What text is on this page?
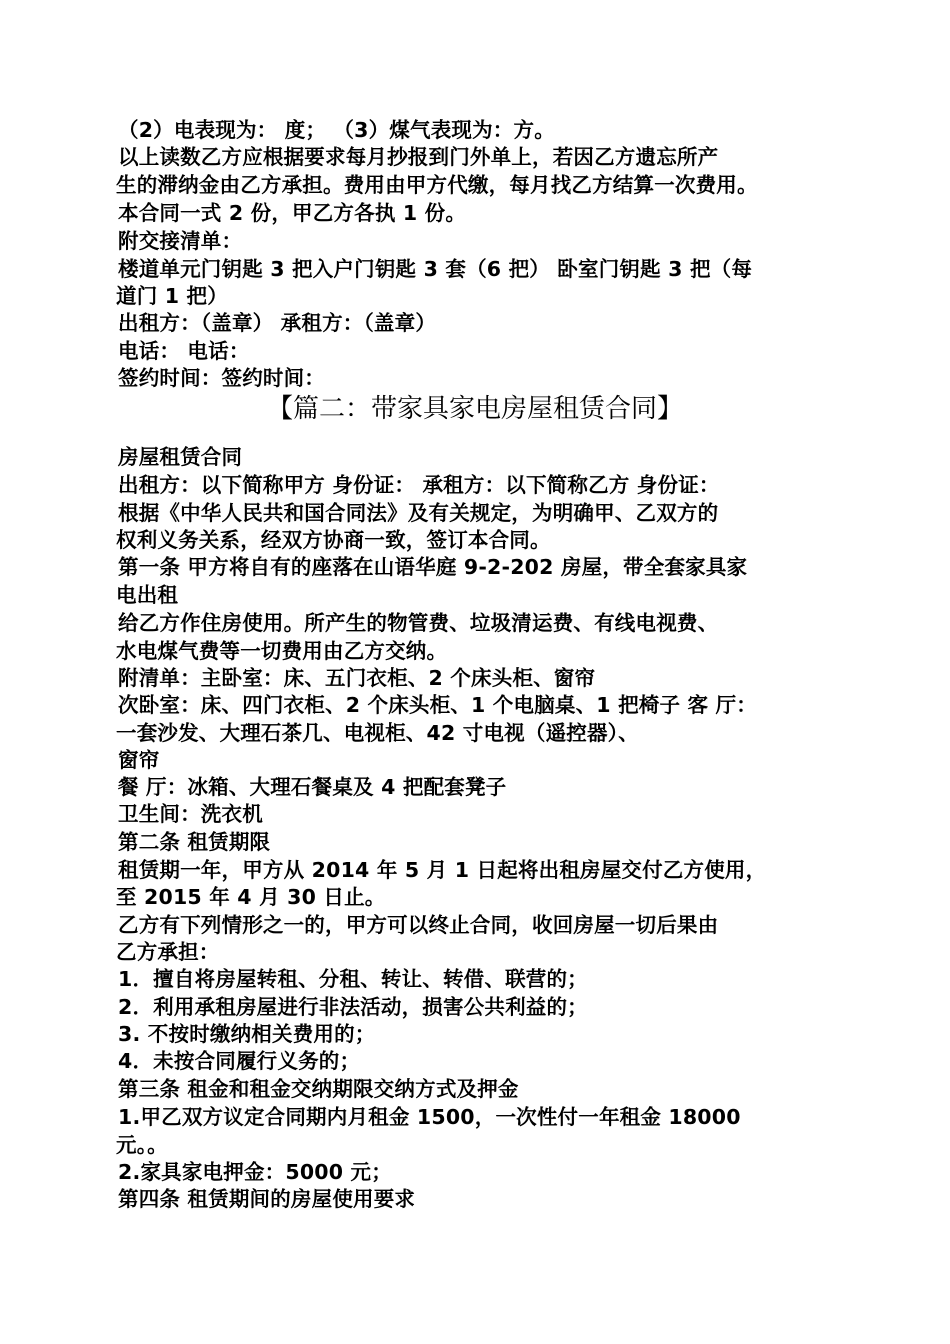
（2）电表现为： 度； （3）煤气表现为：方。
以上读数乙方应根据要求每月抄报到门外单上，若因乙方遗忘所产
生的滞纳金由乙方承担。费用由甲方代缴，每月找乙方结算一次费用。
本合同一式 2 份，甲乙方各执 1 份。
附交接清单：
楼道单元门钥匙 3 把入户门钥匙 3 套（6 把） 卧室门钥匙 3 把（每
道门 1 把）
出租方：（盖章） 承租方：（盖章）
电话： 电话：
签约时间：签约时间：
【篇二：带家具家电房屋租赁合同】
房屋租赁合同
出租方：以下简称甲方 身份证： 承租方：以下简称乙方 身份证：
根据《中华人民共和国合同法》及有关规定，为明确甲、乙双方的
权利义务关系，经双方协商一致，签订本合同。
第一条 甲方将自有的座落在山语华庭 9-2-202 房屋，带全套家具家
电出租
给乙方作住房使用。所产生的物管费、垃圾清运费、有线电视费、
水电煤气费等一切费用由乙方交纳。
附清单：主卧室：床、五门衣柜、2 个床头柜、窗帘
次卧室：床、四门衣柜、2 个床头柜、1 个电脑桌、1 把椅子 客 厅：
一套沙发、大理石茶几、电视柜、42 寸电视（遥控器）、
窗帘
餐 厅：冰箱、大理石餐桌及 4 把配套凳子
卫生间：洗衣机
第二条 租赁期限
租赁期一年，甲方从 2014 年 5 月 1 日起将出租房屋交付乙方使用，
至 2015 年 4 月 30 日止。
乙方有下列情形之一的，甲方可以终止合同，收回房屋一切后果由
乙方承担：
1．擅自将房屋转租、分租、转让、转借、联营的；
2．利用承租房屋进行非法活动，损害公共利益的；
3. 不按时缴纳相关费用的；
4．未按合同履行义务的；
第三条 租金和租金交纳期限交纳方式及押金
1.甲乙双方议定合同期内月租金 1500，一次性付一年租金 18000
元。。
2.家具家电押金：5000 元；
第四条 租赁期间的房屋使用要求
